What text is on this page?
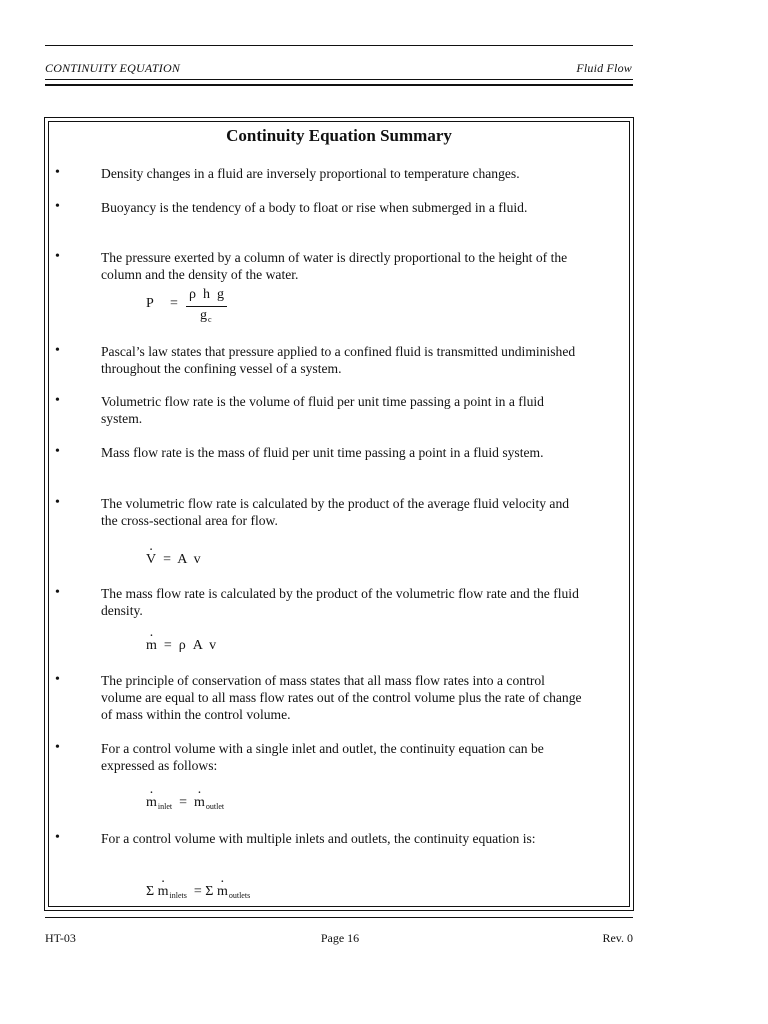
CONTINUITY EQUATION	Fluid Flow
Continuity Equation Summary
•	Density changes in a fluid are inversely proportional to temperature changes.
•	Buoyancy is the tendency of a body to float or rise when submerged in a fluid.
•	The pressure exerted by a column of water is directly proportional to the height of the column and the density of the water.
P =
ρ  h  g
$g_c$
•	Pascal’s law states that pressure applied to a confined fluid is transmitted undiminished throughout the confining vessel of a system.
•	Volumetric flow rate is the volume of fluid per unit time passing a point in a fluid system.
•	Mass flow rate is the mass of fluid per unit time passing a point in a fluid system.
•	The volumetric flow rate is calculated by the product of the average fluid velocity and the cross-sectional area for flow.
· V =  A  v
•	The mass flow rate is calculated by the product of the volumetric flow rate and the fluid density.
· m =  ρ  A  v
•	The principle of conservation of mass states that all mass flow rates into a control volume are equal to all mass flow rates out of the control volume plus the rate of change of mass within the control volume.
•	For a control volume with a single inlet and outlet, the continuity equation can be expressed as follows:
· $m_{inlet}$ = · $m_{outlet}$
•	For a control volume with multiple inlets and outlets, the continuity equation is:
$\Sigma \cdot m_{inlets} = \Sigma \cdot m_{outlets}$
HT-03	Page 16	Rev. 0
